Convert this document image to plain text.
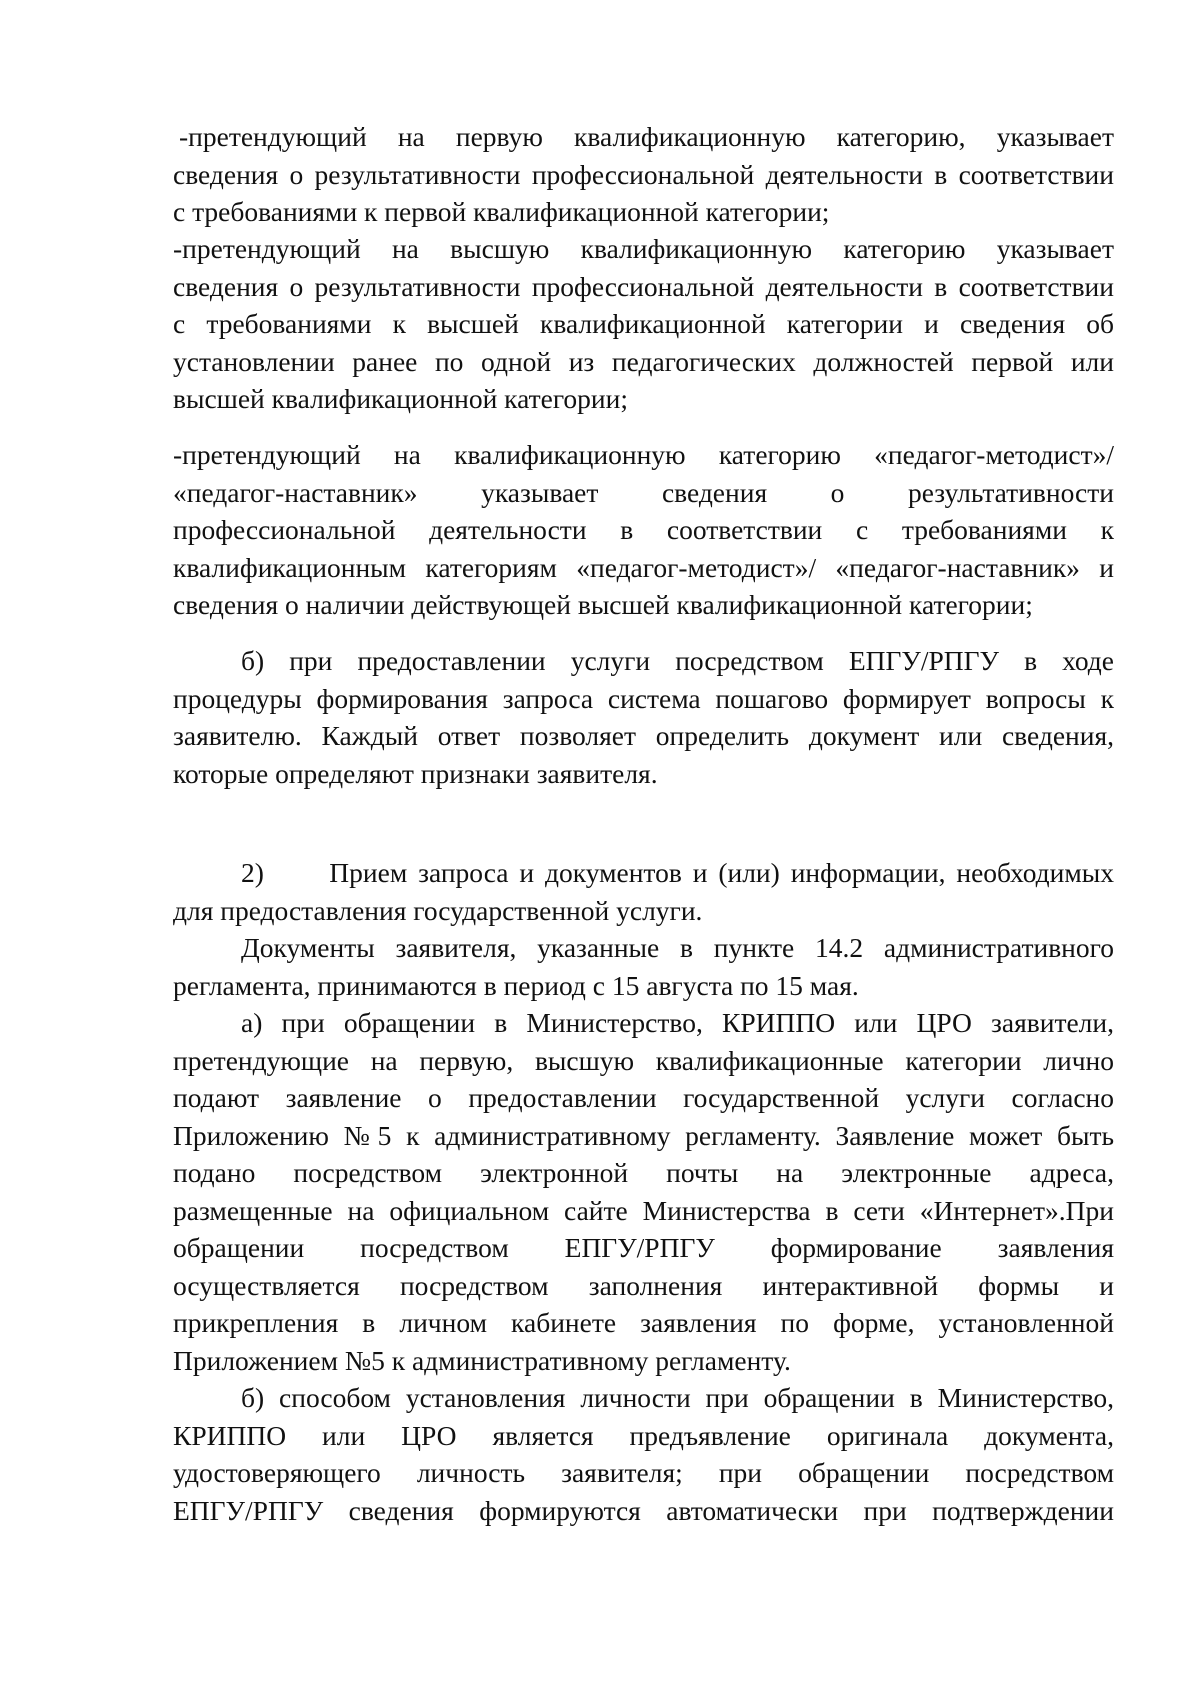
-претендующий на первую квалификационную категорию, указывает

сведения о результативности профессиональной деятельности в соответствии

с требованиями к первой квалификационной категории;

-претендующий на высшую квалификационную категорию указывает

сведения о результативности профессиональной деятельности в соответствии

с требованиями к высшей квалификационной категории и сведения об

установлении ранее по одной из педагогических должностей первой или

высшей квалификационной категории;

-претендующий на квалификационную категорию «педагог-методист»/

«педагог-наставник» указывает сведения о результативности

профессиональной деятельности в соответствии с требованиями к

квалификационным категориям «педагог-методист»/ «педагог-наставник» и

сведения о наличии действующей высшей квалификационной категории;

б) при предоставлении услуги посредством ЕПГУ/РПГУ в ходе

процедуры формирования запроса система пошагово формирует вопросы к

заявителю. Каждый ответ позволяет определить документ или сведения,

которые определяют признаки заявителя.

2)      Прием запроса и документов и (или) информации, необходимых

для предоставления государственной услуги.

Документы заявителя, указанные в пункте 14.2 административного

регламента, принимаются в период с 15 августа по 15 мая.

а) при обращении в Министерство, КРИППО или ЦРО заявители,

претендующие на первую, высшую квалификационные категории лично

подают заявление о предоставлении государственной услуги согласно

Приложению №5 к административному регламенту. Заявление может быть

подано посредством электронной почты на электронные адреса,

размещенные на официальном сайте Министерства в сети «Интернет».При

обращении посредством ЕПГУ/РПГУ формирование заявления

осуществляется посредством заполнения интерактивной формы и

прикрепления в личном кабинете заявления по форме, установленной

Приложением №5 к административному регламенту.

б) способом установления личности при обращении в Министерство,

КРИППО или ЦРО является предъявление оригинала документа,

удостоверяющего личность заявителя; при обращении посредством

ЕПГУ/РПГУ сведения формируются автоматически при подтверждении
